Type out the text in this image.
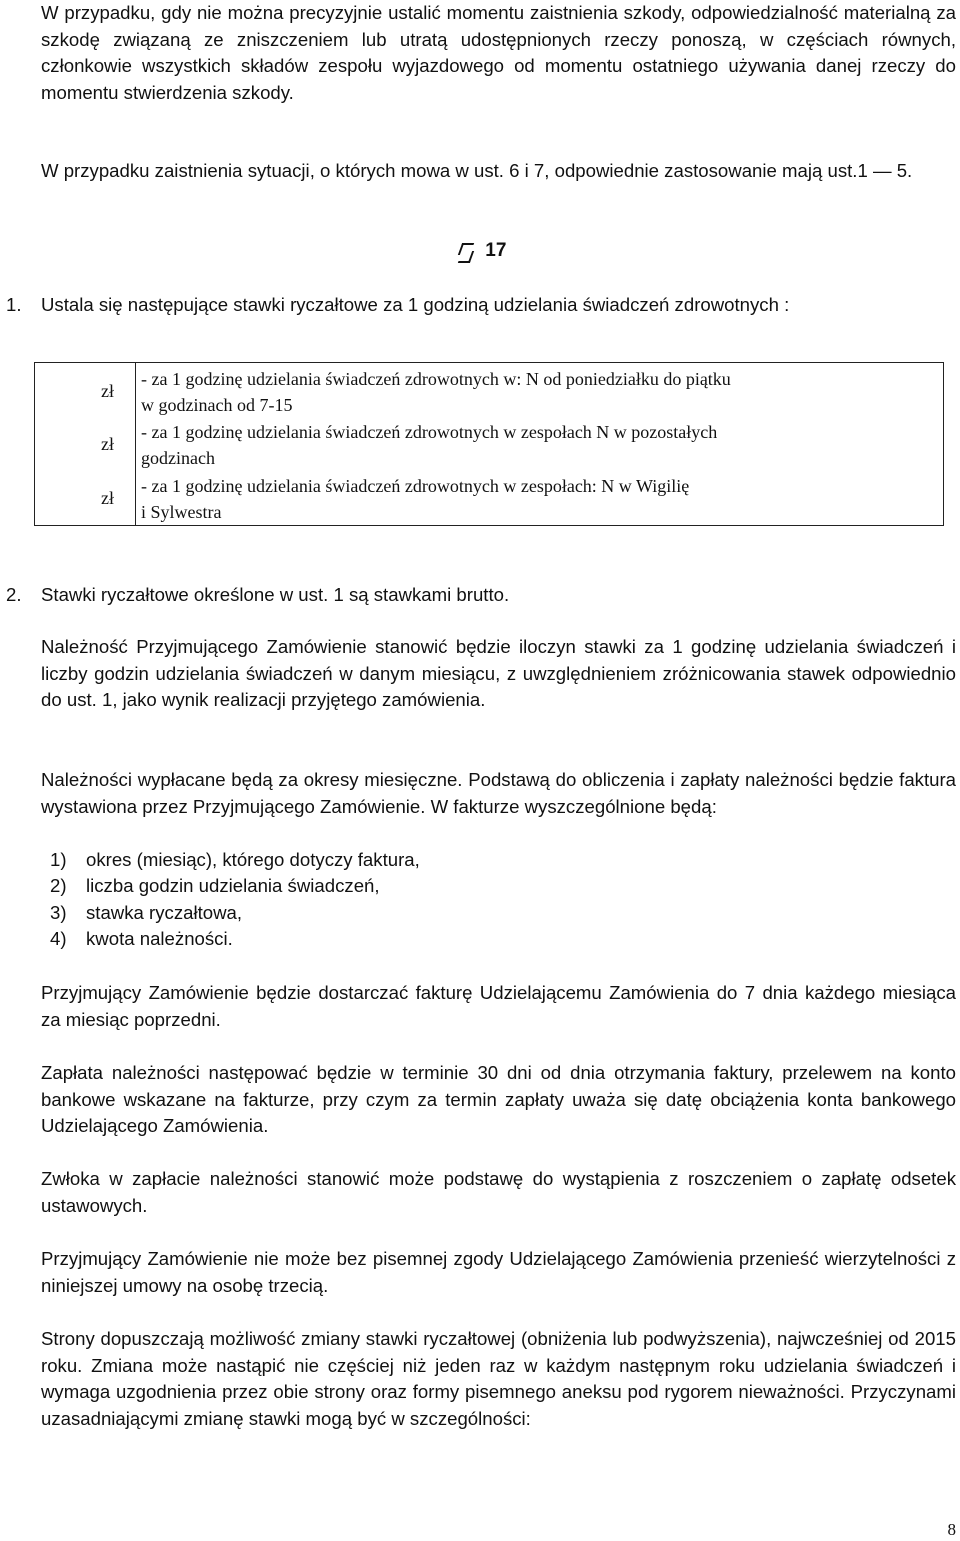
W przypadku, gdy nie można precyzyjnie ustalić momentu zaistnienia szkody, odpowiedzialność materialną za szkodę związaną ze zniszczeniem lub utratą udostępnionych rzeczy ponoszą, w częściach równych, członkowie wszystkich składów zespołu wyjazdowego od momentu ostatniego używania danej rzeczy do momentu stwierdzenia szkody.
W przypadku zaistnienia sytuacji, o których mowa w ust. 6 i 7, odpowiednie zastosowanie mają ust.1 — 5.
17
1. Ustala się następujące stawki ryczałtowe za 1 godziną udzielania świadczeń zdrowotnych :
zł
- za 1 godzinę udzielania świadczeń zdrowotnych w: N od poniedziałku do piątku
w godzinach od 7-15
zł
- za 1 godzinę udzielania świadczeń zdrowotnych w zespołach N w pozostałych
godzinach
zł
- za 1 godzinę udzielania świadczeń zdrowotnych w zespołach: N w Wigilię
i Sylwestra
2. Stawki ryczałtowe określone w ust. 1 są stawkami brutto.
Należność Przyjmującego Zamówienie stanowić będzie iloczyn stawki za 1 godzinę udzielania świadczeń i liczby godzin udzielania świadczeń w danym miesiącu, z uwzględnieniem zróżnicowania stawek odpowiednio do ust. 1, jako wynik realizacji przyjętego zamówienia.
Należności wypłacane będą za okresy miesięczne. Podstawą do obliczenia i zapłaty należności będzie faktura wystawiona przez Przyjmującego Zamówienie. W fakturze wyszczególnione będą:
1) okres (miesiąc), którego dotyczy faktura,
2) liczba godzin udzielania świadczeń,
3) stawka ryczałtowa,
4) kwota należności.
Przyjmujący Zamówienie będzie dostarczać fakturę Udzielającemu Zamówienia do 7 dnia każdego miesiąca za miesiąc poprzedni.
Zapłata należności następować będzie w terminie 30 dni od dnia otrzymania faktury, przelewem na konto bankowe wskazane na fakturze, przy czym za termin zapłaty uważa się datę obciążenia konta bankowego Udzielającego Zamówienia.
Zwłoka w zapłacie należności stanowić może podstawę do wystąpienia z roszczeniem o zapłatę odsetek ustawowych.
Przyjmujący Zamówienie nie może bez pisemnej zgody Udzielającego Zamówienia przenieść wierzytelności z niniejszej umowy na osobę trzecią.
Strony dopuszczają możliwość zmiany stawki ryczałtowej (obniżenia lub podwyższenia), najwcześniej od 2015 roku. Zmiana może nastąpić nie częściej niż jeden raz w każdym następnym roku udzielania świadczeń i wymaga uzgodnienia przez obie strony oraz formy pisemnego aneksu pod rygorem nieważności. Przyczynami uzasadniającymi zmianę stawki mogą być w szczególności:
8
